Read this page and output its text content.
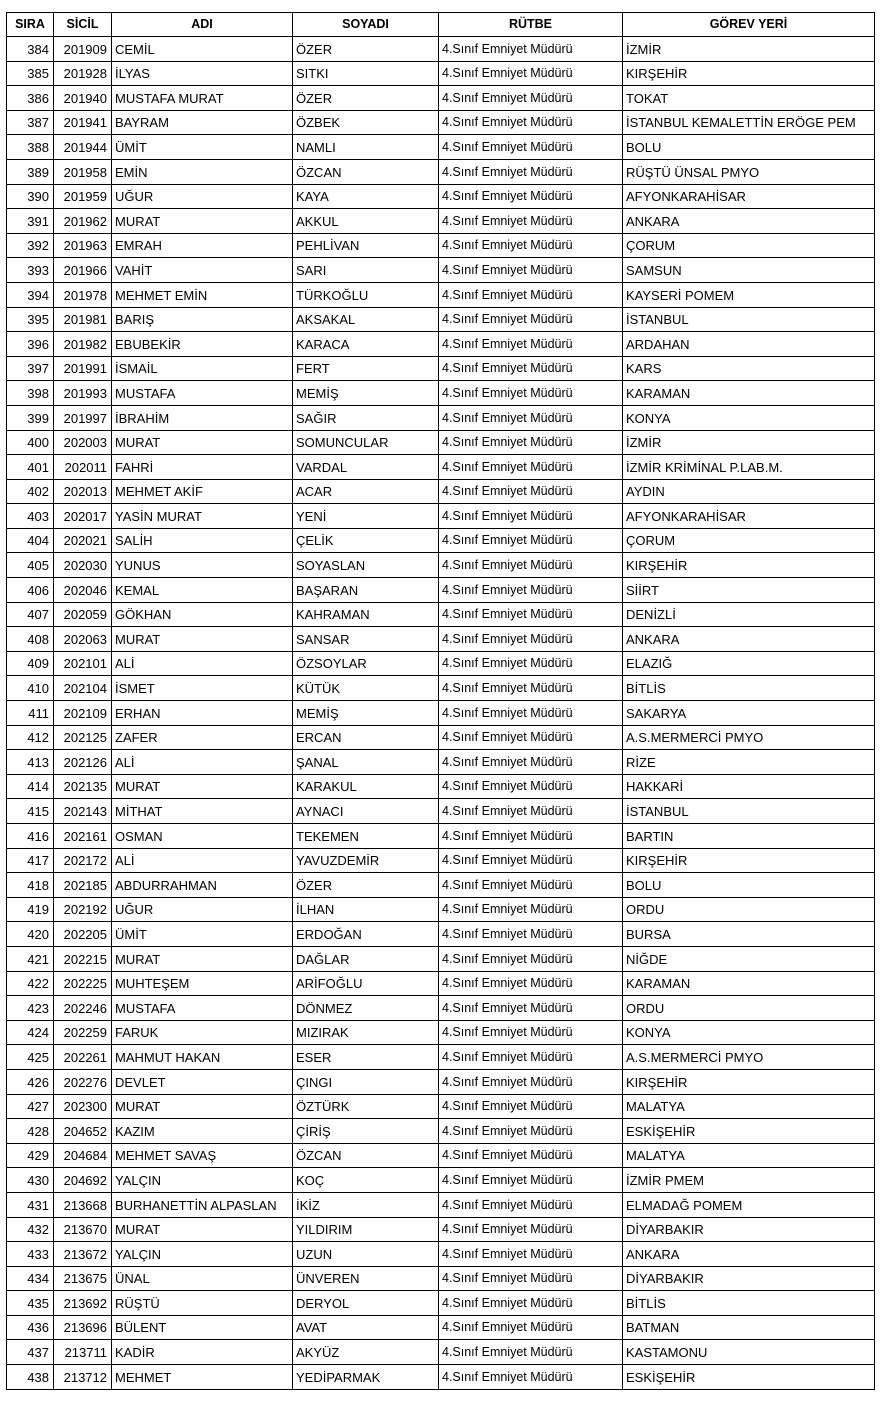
SIRA	SİCİL	ADI	SOYADI	RÜTBE	GÖREV YERİ
384	201909	CEMİL	ÖZER	4.Sınıf Emniyet Müdürü	İZMİR
385	201928	İLYAS	SITKI	4.Sınıf Emniyet Müdürü	KIRŞEHİR
386	201940	MUSTAFA MURAT	ÖZER	4.Sınıf Emniyet Müdürü	TOKAT
387	201941	BAYRAM	ÖZBEK	4.Sınıf Emniyet Müdürü	İSTANBUL KEMALETTİN ERÖGE PEM
388	201944	ÜMİT	NAMLI	4.Sınıf Emniyet Müdürü	BOLU
389	201958	EMİN	ÖZCAN	4.Sınıf Emniyet Müdürü	RÜŞTÜ ÜNSAL PMYO
390	201959	UĞUR	KAYA	4.Sınıf Emniyet Müdürü	AFYONKARAHİSAR
391	201962	MURAT	AKKUL	4.Sınıf Emniyet Müdürü	ANKARA
392	201963	EMRAH	PEHLİVAN	4.Sınıf Emniyet Müdürü	ÇORUM
393	201966	VAHİT	SARI	4.Sınıf Emniyet Müdürü	SAMSUN
394	201978	MEHMET EMİN	TÜRKOĞLU	4.Sınıf Emniyet Müdürü	KAYSERİ POMEM
395	201981	BARIŞ	AKSAKAL	4.Sınıf Emniyet Müdürü	İSTANBUL
396	201982	EBUBEKİR	KARACA	4.Sınıf Emniyet Müdürü	ARDAHAN
397	201991	İSMAİL	FERT	4.Sınıf Emniyet Müdürü	KARS
398	201993	MUSTAFA	MEMİŞ	4.Sınıf Emniyet Müdürü	KARAMAN
399	201997	İBRAHİM	SAĞIR	4.Sınıf Emniyet Müdürü	KONYA
400	202003	MURAT	SOMUNCULAR	4.Sınıf Emniyet Müdürü	İZMİR
401	202011	FAHRİ	VARDAL	4.Sınıf Emniyet Müdürü	İZMİR KRİMİNAL P.LAB.M.
402	202013	MEHMET AKİF	ACAR	4.Sınıf Emniyet Müdürü	AYDIN
403	202017	YASİN MURAT	YENİ	4.Sınıf Emniyet Müdürü	AFYONKARAHİSAR
404	202021	SALİH	ÇELİK	4.Sınıf Emniyet Müdürü	ÇORUM
405	202030	YUNUS	SOYASLAN	4.Sınıf Emniyet Müdürü	KIRŞEHİR
406	202046	KEMAL	BAŞARAN	4.Sınıf Emniyet Müdürü	SİİRT
407	202059	GÖKHAN	KAHRAMAN	4.Sınıf Emniyet Müdürü	DENİZLİ
408	202063	MURAT	SANSAR	4.Sınıf Emniyet Müdürü	ANKARA
409	202101	ALİ	ÖZSOYLAR	4.Sınıf Emniyet Müdürü	ELAZIĞ
410	202104	İSMET	KÜTÜK	4.Sınıf Emniyet Müdürü	BİTLİS
411	202109	ERHAN	MEMİŞ	4.Sınıf Emniyet Müdürü	SAKARYA
412	202125	ZAFER	ERCAN	4.Sınıf Emniyet Müdürü	A.S.MERMERCİ PMYO
413	202126	ALİ	ŞANAL	4.Sınıf Emniyet Müdürü	RİZE
414	202135	MURAT	KARAKUL	4.Sınıf Emniyet Müdürü	HAKKARİ
415	202143	MİTHAT	AYNACI	4.Sınıf Emniyet Müdürü	İSTANBUL
416	202161	OSMAN	TEKEMEN	4.Sınıf Emniyet Müdürü	BARTIN
417	202172	ALİ	YAVUZDEMİR	4.Sınıf Emniyet Müdürü	KIRŞEHİR
418	202185	ABDURRAHMAN	ÖZER	4.Sınıf Emniyet Müdürü	BOLU
419	202192	UĞUR	İLHAN	4.Sınıf Emniyet Müdürü	ORDU
420	202205	ÜMİT	ERDOĞAN	4.Sınıf Emniyet Müdürü	BURSA
421	202215	MURAT	DAĞLAR	4.Sınıf Emniyet Müdürü	NİĞDE
422	202225	MUHTEŞEM	ARİFOĞLU	4.Sınıf Emniyet Müdürü	KARAMAN
423	202246	MUSTAFA	DÖNMEZ	4.Sınıf Emniyet Müdürü	ORDU
424	202259	FARUK	MIZIRAK	4.Sınıf Emniyet Müdürü	KONYA
425	202261	MAHMUT HAKAN	ESER	4.Sınıf Emniyet Müdürü	A.S.MERMERCİ PMYO
426	202276	DEVLET	ÇINGI	4.Sınıf Emniyet Müdürü	KIRŞEHİR
427	202300	MURAT	ÖZTÜRK	4.Sınıf Emniyet Müdürü	MALATYA
428	204652	KAZIM	ÇİRİŞ	4.Sınıf Emniyet Müdürü	ESKİŞEHİR
429	204684	MEHMET SAVAŞ	ÖZCAN	4.Sınıf Emniyet Müdürü	MALATYA
430	204692	YALÇIN	KOÇ	4.Sınıf Emniyet Müdürü	İZMİR PMEM
431	213668	BURHANETTİN ALPASLAN	İKİZ	4.Sınıf Emniyet Müdürü	ELMADAĞ POMEM
432	213670	MURAT	YILDIRIM	4.Sınıf Emniyet Müdürü	DİYARBAKIR
433	213672	YALÇIN	UZUN	4.Sınıf Emniyet Müdürü	ANKARA
434	213675	ÜNAL	ÜNVEREN	4.Sınıf Emniyet Müdürü	DİYARBAKIR
435	213692	RÜŞTÜ	DERYOL	4.Sınıf Emniyet Müdürü	BİTLİS
436	213696	BÜLENT	AVAT	4.Sınıf Emniyet Müdürü	BATMAN
437	213711	KADİR	AKYÜZ	4.Sınıf Emniyet Müdürü	KASTAMONU
438	213712	MEHMET	YEDİPARMAK	4.Sınıf Emniyet Müdürü	ESKİŞEHİR
